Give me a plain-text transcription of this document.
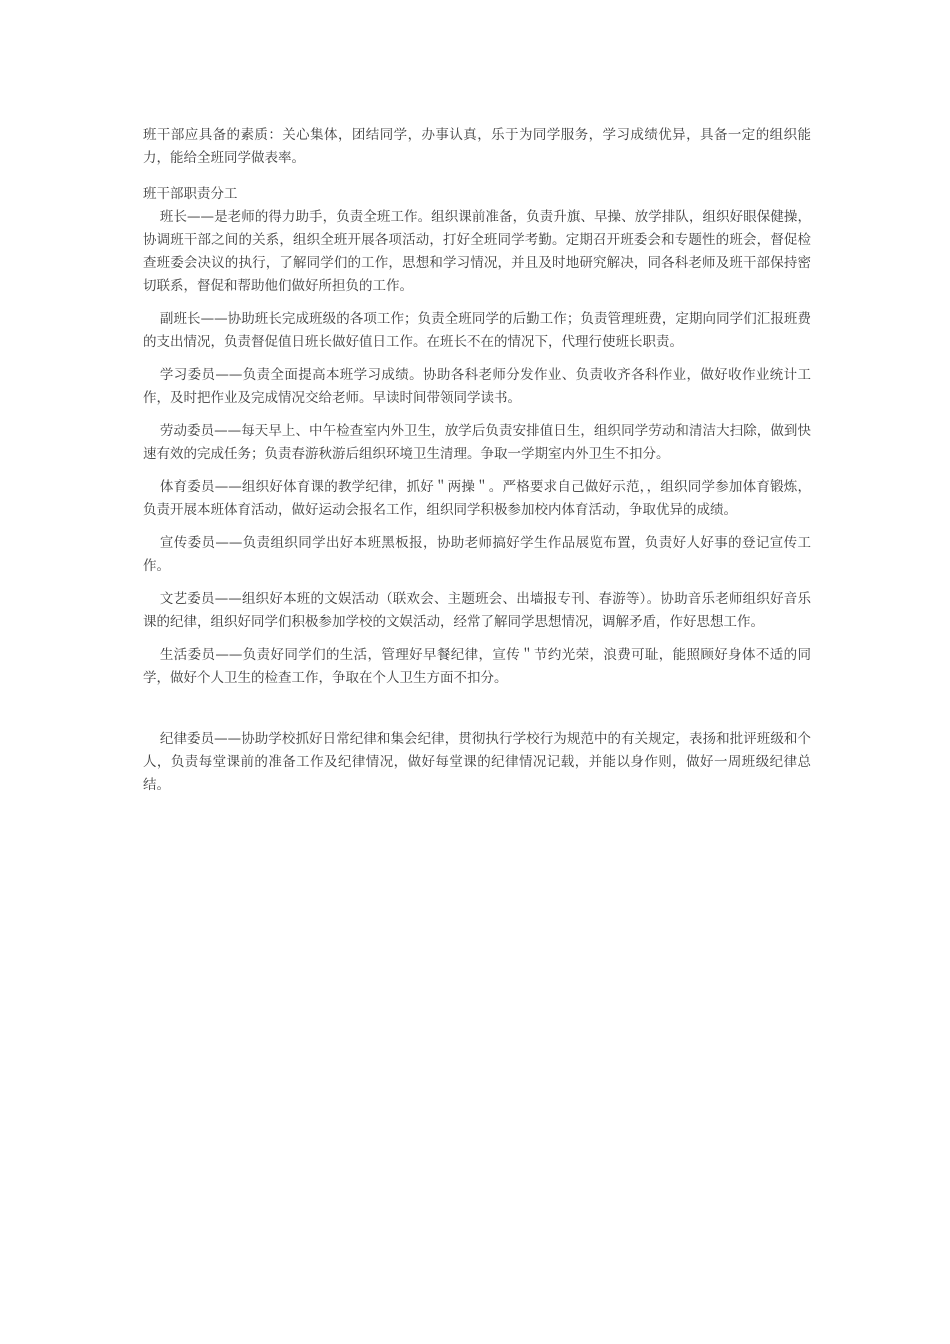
班干部应具备的素质：关心集体，团结同学，办事认真，乐于为同学服务，学习成绩优异，具备一定的组织能力，能给全班同学做表率。

班干部职责分工

班长——是老师的得力助手，负责全班工作。组织课前准备，负责升旗、早操、放学排队，组织好眼保健操，协调班干部之间的关系，组织全班开展各项活动，打好全班同学考勤。定期召开班委会和专题性的班会，督促检查班委会决议的执行，了解同学们的工作，思想和学习情况，并且及时地研究解决，同各科老师及班干部保持密切联系，督促和帮助他们做好所担负的工作。

副班长——协助班长完成班级的各项工作；负责全班同学的后勤工作；负责管理班费，定期向同学们汇报班费的支出情况，负责督促值日班长做好值日工作。在班长不在的情况下，代理行使班长职责。

学习委员——负责全面提高本班学习成绩。协助各科老师分发作业、负责收齐各科作业，做好收作业统计工作，及时把作业及完成情况交给老师。早读时间带领同学读书。

劳动委员——每天早上、中午检查室内外卫生，放学后负责安排值日生，组织同学劳动和清洁大扫除，做到快速有效的完成任务；负责春游秋游后组织环境卫生清理。争取一学期室内外卫生不扣分。

体育委员——组织好体育课的教学纪律，抓好＂两操＂。严格要求自己做好示范，，组织同学参加体育锻炼，负责开展本班体育活动，做好运动会报名工作，组织同学积极参加校内体育活动，争取优异的成绩。

宣传委员——负责组织同学出好本班黑板报，协助老师搞好学生作品展览布置，负责好人好事的登记宣传工作。

文艺委员——组织好本班的文娱活动（联欢会、主题班会、出墙报专刊、春游等）。协助音乐老师组织好音乐课的纪律，组织好同学们积极参加学校的文娱活动，经常了解同学思想情况，调解矛盾，作好思想工作。

生活委员——负责好同学们的生活，管理好早餐纪律，宣传＂节约光荣，浪费可耻，能照顾好身体不适的同学，做好个人卫生的检查工作，争取在个人卫生方面不扣分。

纪律委员——协助学校抓好日常纪律和集会纪律，贯彻执行学校行为规范中的有关规定，表扬和批评班级和个人，负责每堂课前的准备工作及纪律情况，做好每堂课的纪律情况记载，并能以身作则，做好一周班级纪律总结。
